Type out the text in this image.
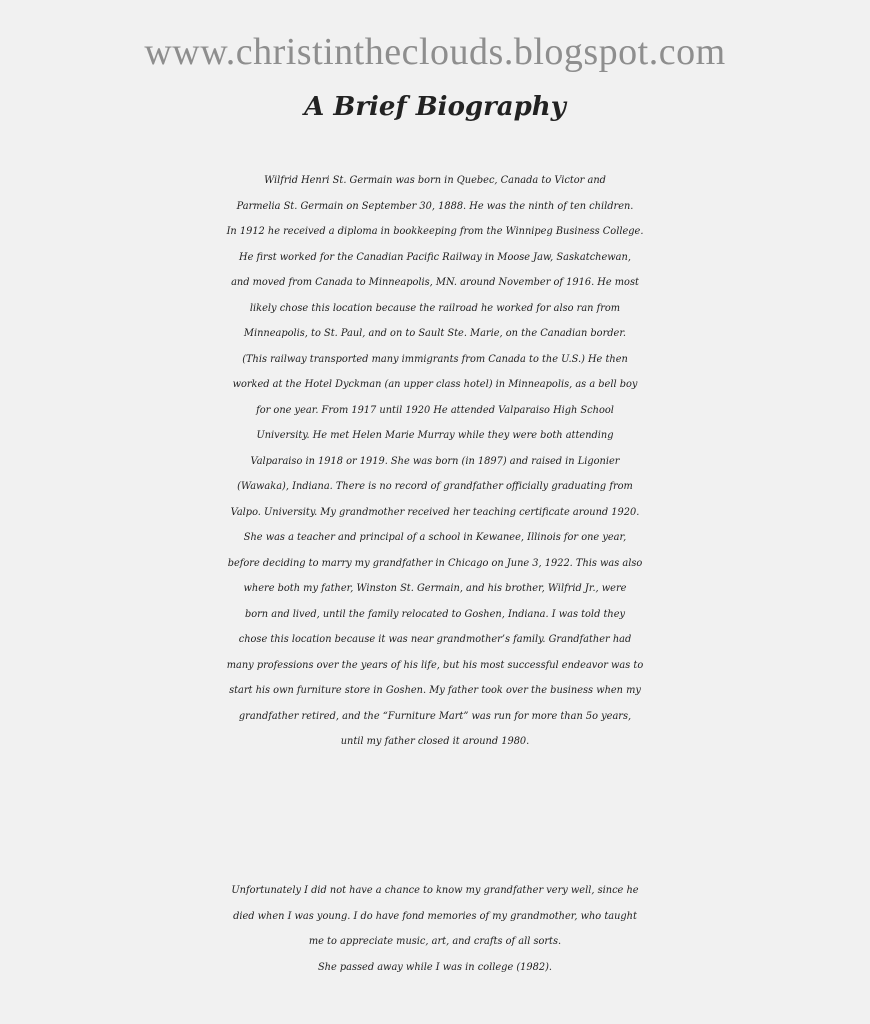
www.christintheclouds.blogspot.com
A Brief Biography
Wilfrid Henri St. Germain was born in Quebec, Canada to Victor and
Parmelia St. Germain on September 30, 1888. He was the ninth of ten children.
In 1912 he received a diploma in bookkeeping from the Winnipeg Business College.
He first worked for the Canadian Pacific Railway in Moose Jaw, Saskatchewan,
and moved from Canada to Minneapolis, MN. around November of 1916. He most
likely chose this location because the railroad he worked for also ran from
Minneapolis, to St. Paul, and on to Sault Ste. Marie, on the Canadian border.
(This railway transported many immigrants from Canada to the U.S.) He then
worked at the Hotel Dyckman (an upper class hotel) in Minneapolis, as a bell boy
for one year. From 1917 until 1920 He attended Valparaiso High School
University. He met Helen Marie Murray while they were both attending
Valparaiso in 1918 or 1919. She was born (in 1897) and raised in Ligonier
(Wawaka), Indiana. There is no record of grandfather officially graduating from
Valpo. University. My grandmother received her teaching certificate around 1920.
She was a teacher and principal of a school in Kewanee, Illinois for one year,
before deciding to marry my grandfather in Chicago on June 3, 1922. This was also
where both my father, Winston St. Germain, and his brother, Wilfrid Jr., were
born and lived, until the family relocated to Goshen, Indiana. I was told they
chose this location because it was near grandmother’s family. Grandfather had
many professions over the years of his life, but his most successful endeavor was to
start his own furniture store in Goshen. My father took over the business when my
grandfather retired, and the “Furniture Mart” was run for more than 5o years,
until my father closed it around 1980.
Unfortunately I did not have a chance to know my grandfather very well, since he
died when I was young. I do have fond memories of my grandmother, who taught
me to appreciate music, art, and crafts of all sorts.
She passed away while I was in college (1982).
